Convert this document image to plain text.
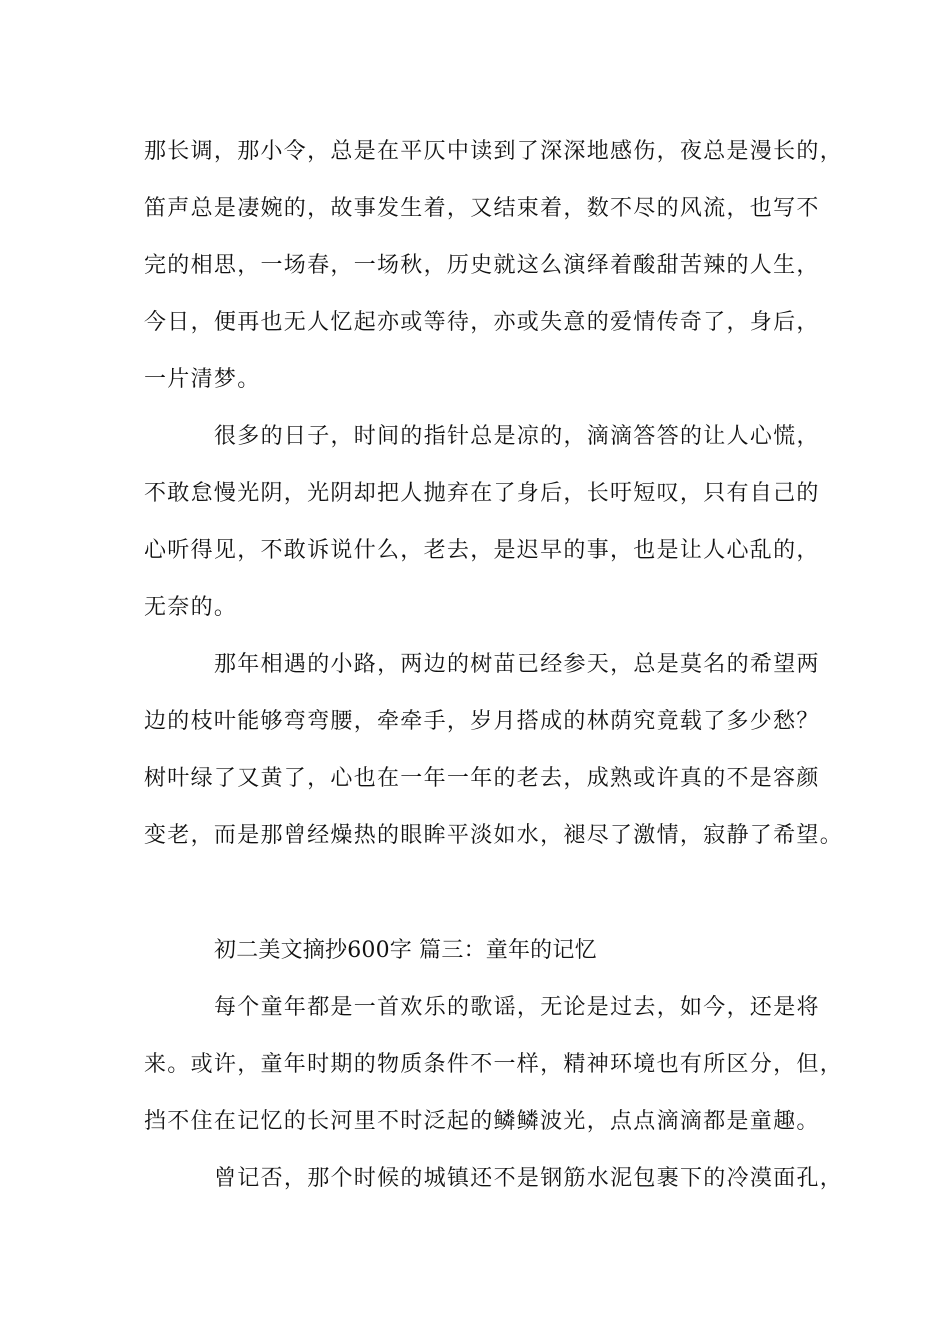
那长调，那小令，总是在平仄中读到了深深地感伤，夜总是漫长的，
笛声总是凄婉的，故事发生着，又结束着，数不尽的风流，也写不
完的相思，一场春，一场秋，历史就这么演绎着酸甜苦辣的人生，
今日，便再也无人忆起亦或等待，亦或失意的爱情传奇了，身后，
一片清梦。
很多的日子，时间的指针总是凉的，滴滴答答的让人心慌，
不敢怠慢光阴，光阴却把人抛弃在了身后，长吁短叹，只有自己的
心听得见，不敢诉说什么，老去，是迟早的事，也是让人心乱的，
无奈的。
那年相遇的小路，两边的树苗已经参天，总是莫名的希望两
边的枝叶能够弯弯腰，牵牵手，岁月搭成的林荫究竟载了多少愁？
树叶绿了又黄了，心也在一年一年的老去，成熟或许真的不是容颜
变老，而是那曾经燥热的眼眸平淡如水，褪尽了激情，寂静了希望。
初二美文摘抄600字 篇三：童年的记忆
每个童年都是一首欢乐的歌谣，无论是过去，如今，还是将
来。或许，童年时期的物质条件不一样，精神环境也有所区分，但，
挡不住在记忆的长河里不时泛起的鳞鳞波光，点点滴滴都是童趣。
曾记否，那个时候的城镇还不是钢筋水泥包裹下的冷漠面孔，
